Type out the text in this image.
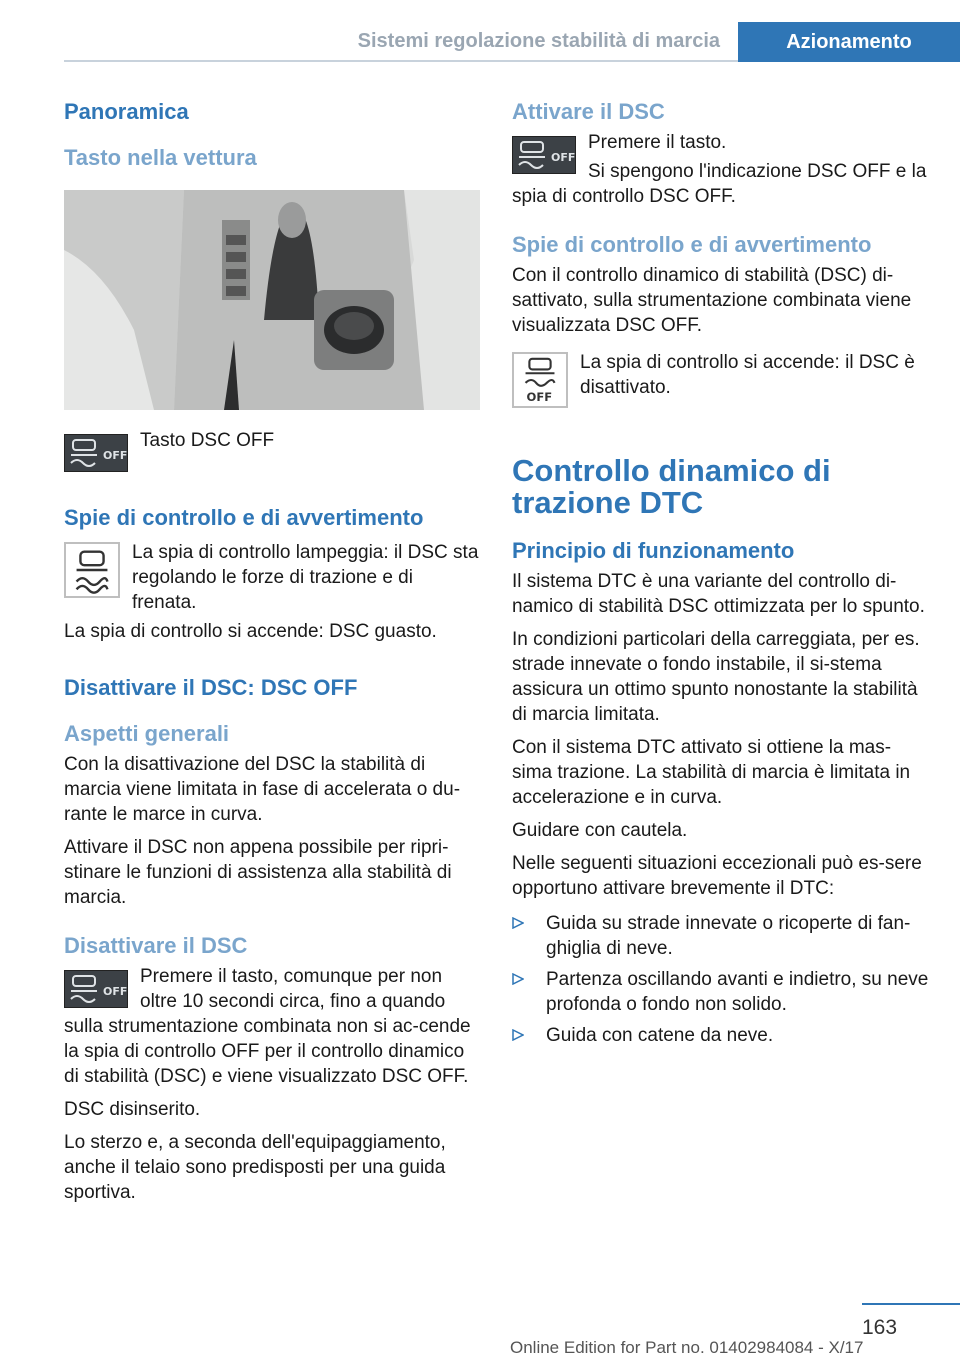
Sistemi regolazione stabilità di marcia	Azionamento
Panoramica
Tasto nella vettura
OFF

Tasto DSC OFF

Spie di controllo e di avvertimento

La spia di controllo lampeggia: il DSC sta regolando le forze di trazione e di frenata.

La spia di controllo si accende: DSC guasto.

Disattivare il DSC: DSC OFF
Aspetti generali

Con la disattivazione del DSC la stabilità di marcia viene limitata in fase di accelerata o du-rante le marce in curva.

Attivare il DSC non appena possibile per ripri-stinare le funzioni di assistenza alla stabilità di marcia.

Disattivare il DSC
OFF

Premere il tasto, comunque per non oltre 10 secondi circa, fino a quando sulla strumentazione combinata non si ac-cende la spia di controllo OFF per il controllo dinamico di stabilità (DSC) e viene visualizzato DSC OFF.

DSC disinserito.

Lo sterzo e, a seconda dell'equipaggiamento, anche il telaio sono predisposti per una guida sportiva.

Attivare il DSC
OFF

Premere il tasto.

Si spengono l'indicazione DSC OFF e la spia di controllo DSC OFF.

Spie di controllo e di avvertimento

Con il controllo dinamico di stabilità (DSC) di-sattivato, sulla strumentazione combinata viene visualizzata DSC OFF.

OFF

La spia di controllo si accende: il DSC è disattivato.

Controllo dinamico di trazione DTC
Principio di funzionamento

Il sistema DTC è una variante del controllo di-namico di stabilità DSC ottimizzata per lo spunto.

In condizioni particolari della carreggiata, per es. strade innevate o fondo instabile, il si-stema assicura un ottimo spunto nonostante la stabilità di marcia limitata.

Con il sistema DTC attivato si ottiene la mas-sima trazione. La stabilità di marcia è limitata in accelerazione e in curva.

Guidare con cautela.

Nelle seguenti situazioni eccezionali può es-sere opportuno attivare brevemente il DTC:

Guida su strade innevate o ricoperte di fan-ghiglia di neve.
Partenza oscillando avanti e indietro, su neve profonda o fondo non solido.
Guida con catene da neve.
163
Online Edition for Part no. 01402984084 - X/17
